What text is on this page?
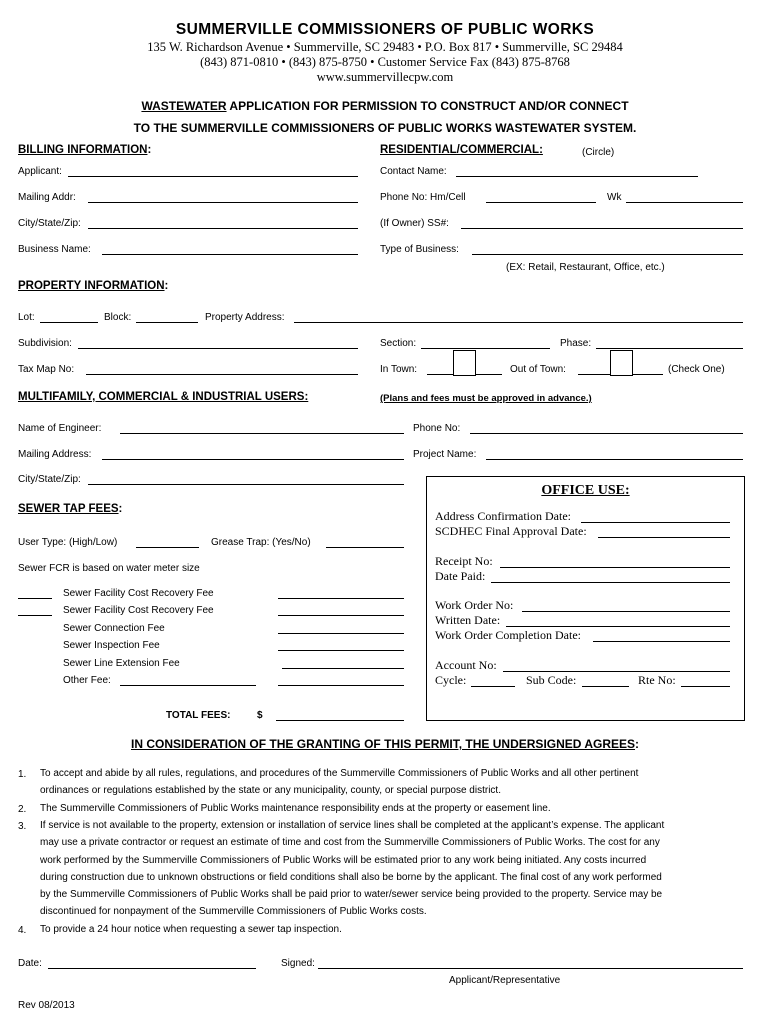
SUMMERVILLE COMMISSIONERS OF PUBLIC WORKS
135 W. Richardson Avenue • Summerville, SC 29483 • P.O. Box 817 • Summerville, SC 29484
(843) 871-0810 • (843) 875-8750 • Customer Service Fax (843) 875-8768
www.summervillecpw.com
WASTEWATER APPLICATION FOR PERMISSION TO CONSTRUCT AND/OR CONNECT
TO THE SUMMERVILLE COMMISSIONERS OF PUBLIC WORKS WASTEWATER SYSTEM.
BILLING INFORMATION:	RESIDENTIAL/COMMERCIAL:	(Circle)
Applicant:	Contact Name:
Mailing Addr:	Phone No: Hm/Cell	Wk
City/State/Zip:	(If Owner) SS#:
Business Name:	Type of Business:
(EX: Retail, Restaurant, Office, etc.)
PROPERTY INFORMATION:
Lot:	Block:	Property Address:
Subdivision:	Section:	Phase:
Tax Map No:	In Town:	Out of Town:	(Check One)
MULTIFAMILY, COMMERCIAL & INDUSTRIAL USERS:	(Plans and fees must be approved in advance.)
Name of Engineer:	Phone No:
Mailing Address:	Project Name:
City/State/Zip:
SEWER TAP FEES:
User Type: (High/Low)	Grease Trap: (Yes/No)
Sewer FCR is based on water meter size
Sewer Facility Cost Recovery Fee
Sewer Facility Cost Recovery Fee
Sewer Connection Fee
Sewer Inspection Fee
Sewer Line Extension Fee
Other Fee:
TOTAL FEES:	$
OFFICE USE:
Address Confirmation Date:
SCDHEC Final Approval Date:
Receipt No:
Date Paid:
Work Order No:
Written Date:
Work Order Completion Date:
Account No:
Cycle:	Sub Code:	Rte No:
IN CONSIDERATION OF THE GRANTING OF THIS PERMIT, THE UNDERSIGNED AGREES:
1. To accept and abide by all rules, regulations, and procedures of the Summerville Commissioners of Public Works and all other pertinent
ordinances or regulations established by the state or any municipality, county, or special purpose district.
2. The Summerville Commissioners of Public Works maintenance responsibility ends at the property or easement line.
3. If service is not available to the property, extension or installation of service lines shall be completed at the applicant’s expense. The applicant
may use a private contractor or request an estimate of time and cost from the Summerville Commissioners of Public Works. The cost for any
work performed by the Summerville Commissioners of Public Works will be estimated prior to any work being initiated. Any costs incurred
during construction due to unknown obstructions or field conditions shall also be borne by the applicant. The final cost of any work performed
by the Summerville Commissioners of Public Works shall be paid prior to water/sewer service being provided to the property. Service may be
discontinued for nonpayment of the Summerville Commissioners of Public Works costs.
4. To provide a 24 hour notice when requesting a sewer tap inspection.
Date:	Signed:
Applicant/Representative
Rev 08/2013
